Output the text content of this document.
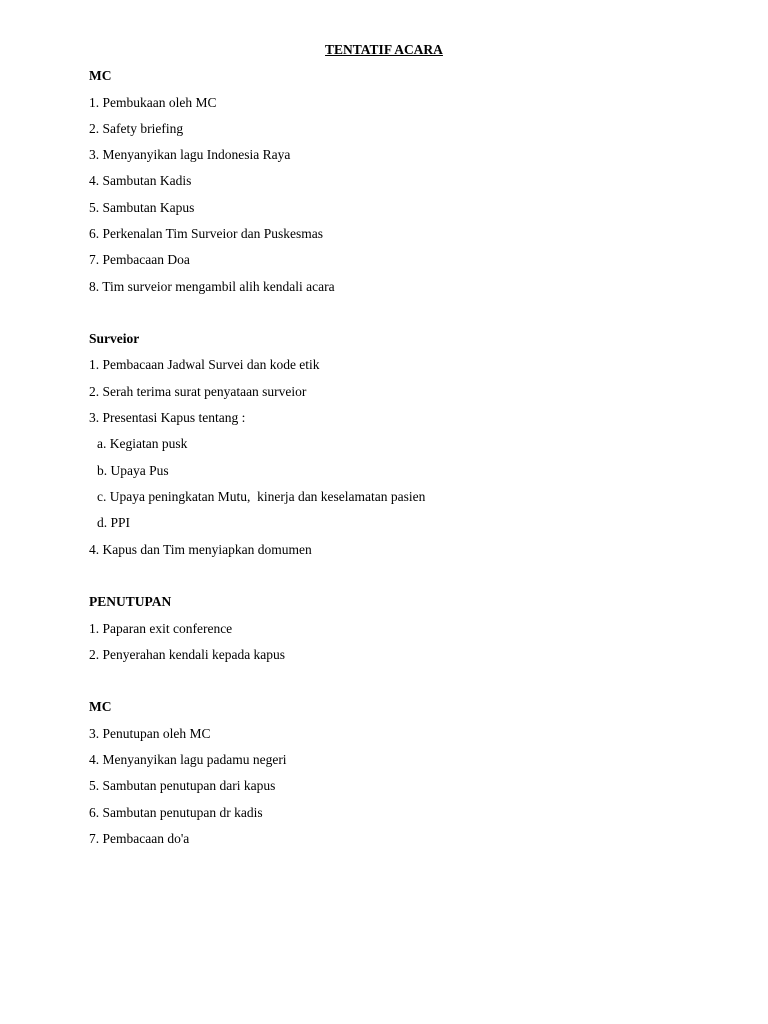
TENTATIF ACARA
MC
1. Pembukaan oleh MC
2. Safety briefing
3. Menyanyikan lagu Indonesia Raya
4. Sambutan Kadis
5. Sambutan Kapus
6. Perkenalan Tim Surveior dan Puskesmas
7. Pembacaan Doa
8. Tim surveior mengambil alih kendali acara
Surveior
1. Pembacaan Jadwal Survei dan kode etik
2. Serah terima surat penyataan surveior
3. Presentasi Kapus tentang :
a. Kegiatan pusk
b. Upaya Pus
c. Upaya peningkatan Mutu,  kinerja dan keselamatan pasien
d. PPI
4. Kapus dan Tim menyiapkan domumen
PENUTUPAN
1. Paparan exit conference
2. Penyerahan kendali kepada kapus
MC
3. Penutupan oleh MC
4. Menyanyikan lagu padamu negeri
5. Sambutan penutupan dari kapus
6. Sambutan penutupan dr kadis
7. Pembacaan do'a
